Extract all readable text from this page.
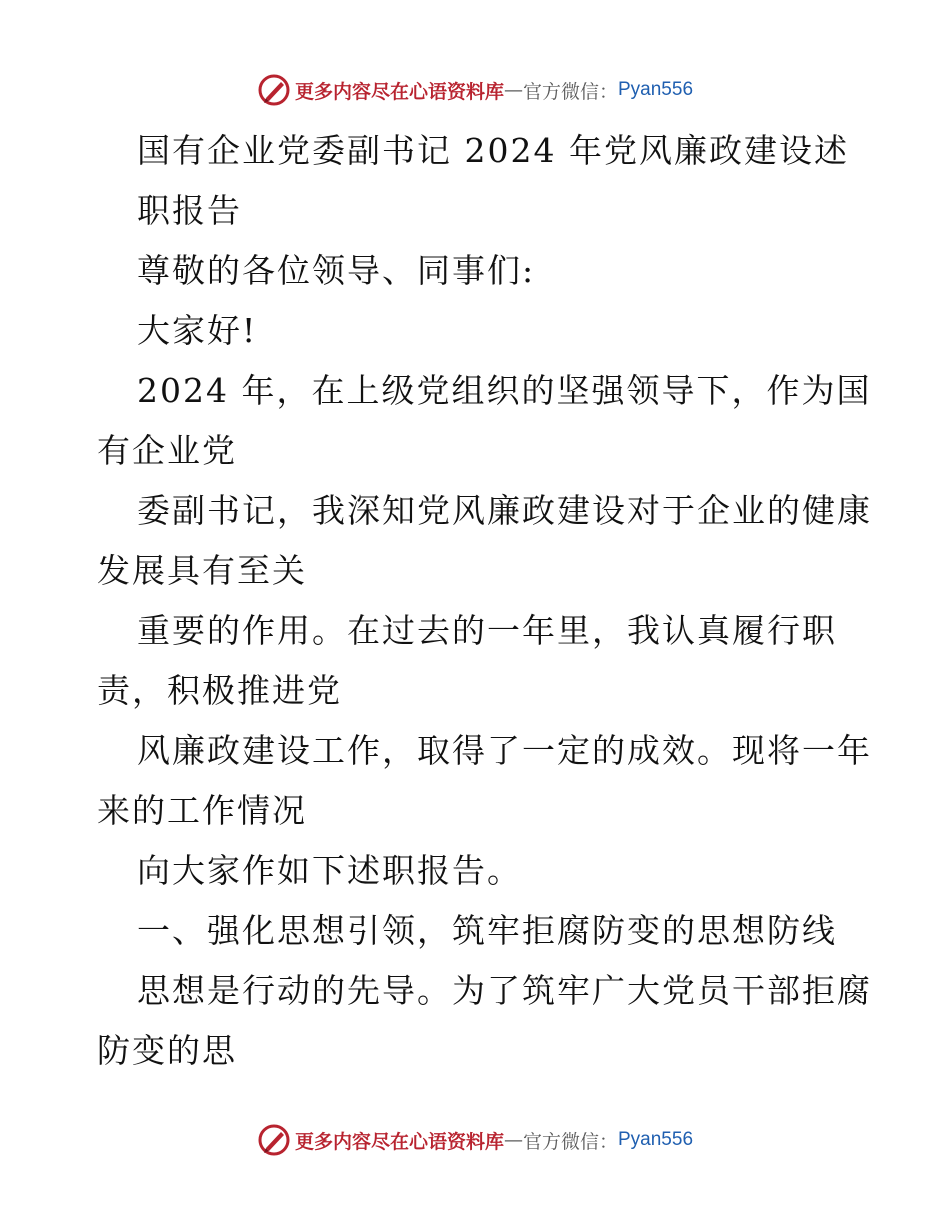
更多内容尽在心语资料库 — 官方微信： Pyan556
国有企业党委副书记 2024 年党风廉政建设述
职报告
尊敬的各位领导、同事们:
大家好!
2024 年，在上级党组织的坚强领导下，作为国
有企业党
委副书记，我深知党风廉政建设对于企业的健康
发展具有至关
重要的作用。在过去的一年里，我认真履行职
责，积极推进党
风廉政建设工作，取得了一定的成效。现将一年
来的工作情况
向大家作如下述职报告。
一、强化思想引领，筑牢拒腐防变的思想防线
思想是行动的先导。为了筑牢广大党员干部拒腐
防变的思
更多内容尽在心语资料库 — 官方微信： Pyan556
